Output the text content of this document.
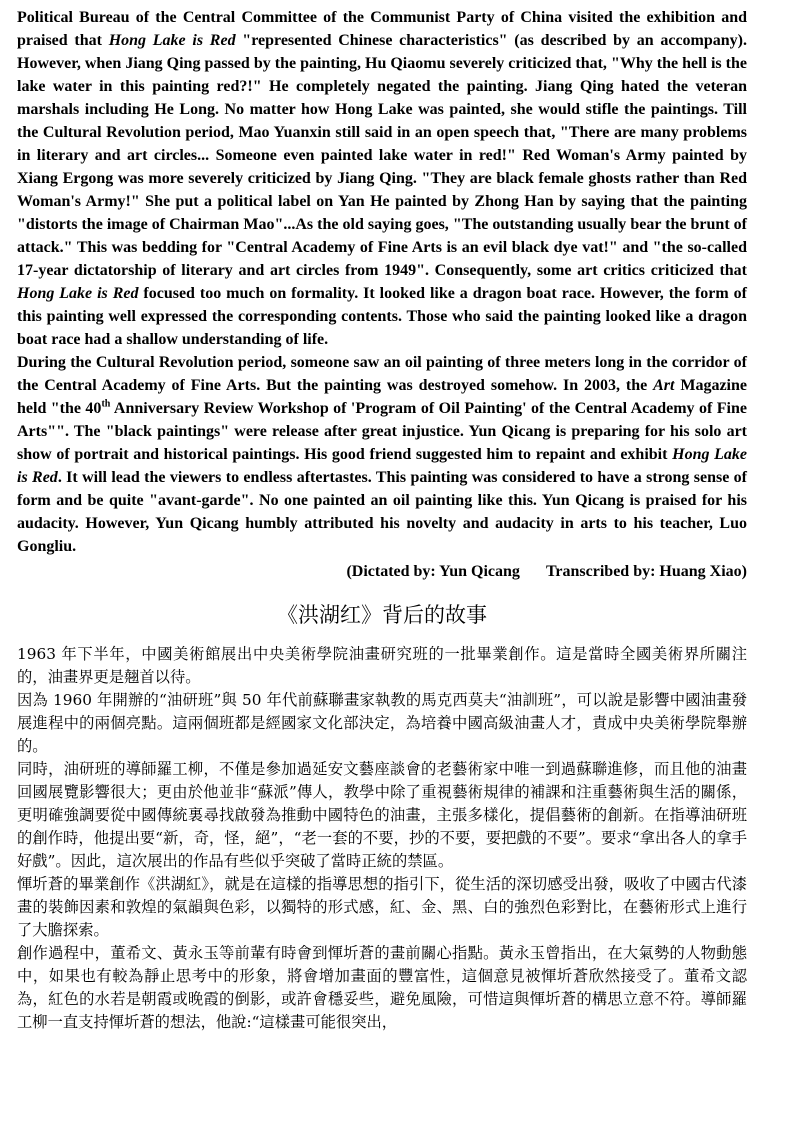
Political Bureau of the Central Committee of the Communist Party of China visited the exhibition and praised that Hong Lake is Red "represented Chinese characteristics" (as described by an accompany). However, when Jiang Qing passed by the painting, Hu Qiaomu severely criticized that, "Why the hell is the lake water in this painting red?!" He completely negated the painting. Jiang Qing hated the veteran marshals including He Long. No matter how Hong Lake was painted, she would stifle the paintings. Till the Cultural Revolution period, Mao Yuanxin still said in an open speech that, "There are many problems in literary and art circles... Someone even painted lake water in red!" Red Woman's Army painted by Xiang Ergong was more severely criticized by Jiang Qing. "They are black female ghosts rather than Red Woman's Army!" She put a political label on Yan He painted by Zhong Han by saying that the painting "distorts the image of Chairman Mao"...As the old saying goes, "The outstanding usually bear the brunt of attack." This was bedding for "Central Academy of Fine Arts is an evil black dye vat!" and "the so-called 17-year dictatorship of literary and art circles from 1949". Consequently, some art critics criticized that Hong Lake is Red focused too much on formality. It looked like a dragon boat race. However, the form of this painting well expressed the corresponding contents. Those who said the painting looked like a dragon boat race had a shallow understanding of life.

During the Cultural Revolution period, someone saw an oil painting of three meters long in the corridor of the Central Academy of Fine Arts. But the painting was destroyed somehow. In 2003, the Art Magazine held "the 40th Anniversary Review Workshop of 'Program of Oil Painting' of the Central Academy of Fine Arts"". The "black paintings" were release after great injustice. Yun Qicang is preparing for his solo art show of portrait and historical paintings. His good friend suggested him to repaint and exhibit Hong Lake is Red. It will lead the viewers to endless aftertastes. This painting was considered to have a strong sense of form and be quite "avant-garde". No one painted an oil painting like this. Yun Qicang is praised for his audacity. However, Yun Qicang humbly attributed his novelty and audacity in arts to his teacher, Luo Gongliu.

(Dictated by: Yun Qicang Transcribed by: Huang Xiao)

《洪湖红》背后的故事

1963 年下半年，中國美術館展出中央美術學院油畫研究班的一批畢業創作。這是當時全國美術界所關注的，油畫界更是翹首以待。

因為 1960 年開辦的“油研班”與 50 年代前蘇聯畫家執教的馬克西莫夫“油訓班”，可以說是影響中國油畫發展進程中的兩個亮點。這兩個班都是經國家文化部決定，為培養中國高級油畫人才，責成中央美術學院舉辦的。

同時，油研班的導師羅工柳，不僅是參加過延安文藝座談會的老藝術家中唯一到過蘇聯進修，而且他的油畫回國展覽影響很大；更由於他並非“蘇派”傳人，教學中除了重視藝術規律的補課和注重藝術與生活的關係，更明確強調要從中國傳統裏尋找啟發為推動中國特色的油畫，主張多樣化，提倡藝術的創新。在指導油研班的創作時，他提出要“新，奇，怪，絕”，“老一套的不要，抄的不要，要把戲的不要”。要求“拿出各人的拿手好戲”。因此，這次展出的作品有些似乎突破了當時正統的禁區。

惲圻蒼的畢業創作《洪湖紅》，就是在這樣的指導思想的指引下，從生活的深切感受出發，吸收了中國古代漆畫的裝飾因素和敦煌的氣韻與色彩，以獨特的形式感，紅、金、黑、白的強烈色彩對比，在藝術形式上進行了大膽探索。

創作過程中，董希文、黃永玉等前輩有時會到惲圻蒼的畫前關心指點。黃永玉曾指出，在大氣勢的人物動態中，如果也有較為靜止思考中的形象，將會增加畫面的豐富性，這個意見被惲圻蒼欣然接受了。董希文認為，紅色的水若是朝霞或晚霞的倒影，或許會穩妥些，避免風險，可惜這與惲圻蒼的構思立意不符。導師羅工柳一直支持惲圻蒼的想法，他說:“這樣畫可能很突出，
